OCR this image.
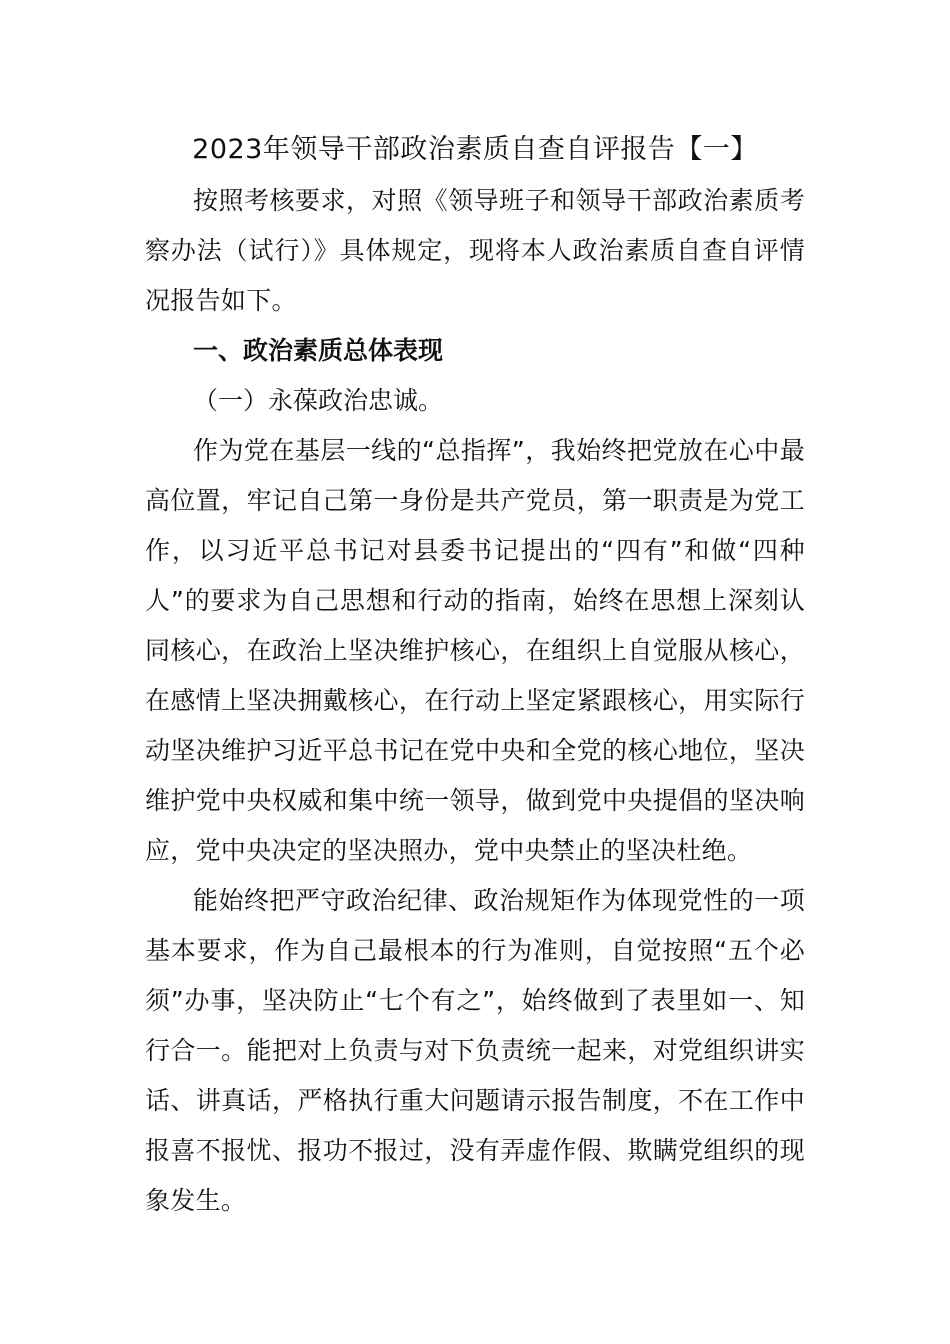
2023年领导干部政治素质自查自评报告【一】

按照考核要求，对照《领导班子和领导干部政治素质考察办法（试行）》具体规定，现将本人政治素质自查自评情况报告如下。

一、政治素质总体表现

（一）永葆政治忠诚。

作为党在基层一线的“总指挥”，我始终把党放在心中最高位置，牢记自己第一身份是共产党员，第一职责是为党工作，以习近平总书记对县委书记提出的“四有”和做“四种人”的要求为自己思想和行动的指南，始终在思想上深刻认同核心，在政治上坚决维护核心，在组织上自觉服从核心，在感情上坚决拥戴核心，在行动上坚定紧跟核心，用实际行动坚决维护习近平总书记在党中央和全党的核心地位，坚决维护党中央权威和集中统一领导，做到党中央提倡的坚决响应，党中央决定的坚决照办，党中央禁止的坚决杜绝。

能始终把严守政治纪律、政治规矩作为体现党性的一项基本要求，作为自己最根本的行为准则，自觉按照“五个必须”办事，坚决防止“七个有之”，始终做到了表里如一、知行合一。能把对上负责与对下负责统一起来，对党组织讲实话、讲真话，严格执行重大问题请示报告制度，不在工作中报喜不报忧、报功不报过，没有弄虚作假、欺瞒党组织的现象发生。
